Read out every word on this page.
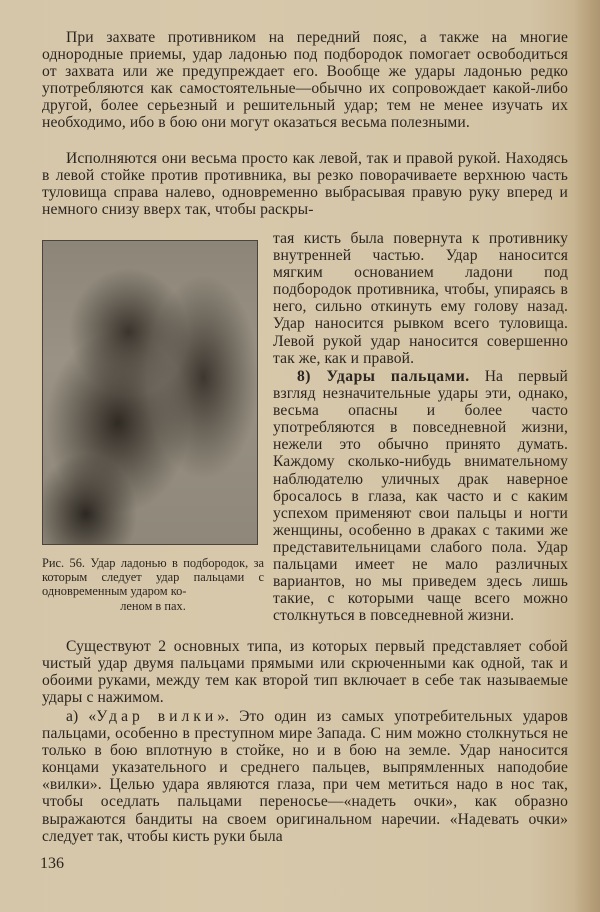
При захвате противником на передний пояс, а также на многие однородные приемы, удар ладонью под подбородок помогает освободиться от захвата или же предупреждает его. Вообще же удары ладонью редко употребляются как самостоятельные—обычно их сопровождает какой-либо другой, более серьезный и решительный удар; тем не менее изучать их необходимо, ибо в бою они могут оказаться весьма полезными.

Исполняются они весьма просто как левой, так и правой рукой. Находясь в левой стойке против противника, вы резко поворачиваете верхнюю часть туловища справа налево, одновременно выбрасывая правую руку вперед и немного снизу вверх так, чтобы раскры-

тая кисть была повернута к противнику внутренней частью. Удар наносится мягким основанием ладони под подбородок противника, чтобы, упираясь в него, сильно откинуть ему голову назад. Удар наносится рывком всего туловища. Левой рукой удар наносится совершенно так же, как и правой.

Рис. 56. Удар ладонью в подбородок, за которым следует удар пальцами с одновременным ударом ко-

леном в пах.

8) Удары пальцами. На первый взгляд незначительные удары эти, однако, весьма опасны и более часто употребляются в повседневной жизни, нежели это обычно принято думать. Каждому сколько-нибудь внимательному наблюдателю уличных драк наверное бросалось в глаза, как часто и с каким успехом применяют свои пальцы и ногти женщины, особенно в драках с такими же представительницами слабого пола. Удар пальцами имеет не мало различных вариантов, но мы приведем здесь лишь такие, с которыми чаще всего можно столкнуться в повседневной жизни.

Существуют 2 основных типа, из которых первый представляет собой чистый удар двумя пальцами прямыми или скрюченными как одной, так и обоими руками, между тем как второй тип включает в себе так называемые удары с нажимом.

а) «Удар вилки». Это один из самых употребительных ударов пальцами, особенно в преступном мире Запада. С ним можно столкнуться не только в бою вплотную в стойке, но и в бою на земле. Удар наносится концами указательного и среднего пальцев, выпрямленных наподобие «вилки». Целью удара являются глаза, при чем метиться надо в нос так, чтобы оседлать пальцами переносье—«надеть очки», как образно выражаются бандиты на своем оригинальном наречии. «Надевать очки» следует так, чтобы кисть руки была

136
